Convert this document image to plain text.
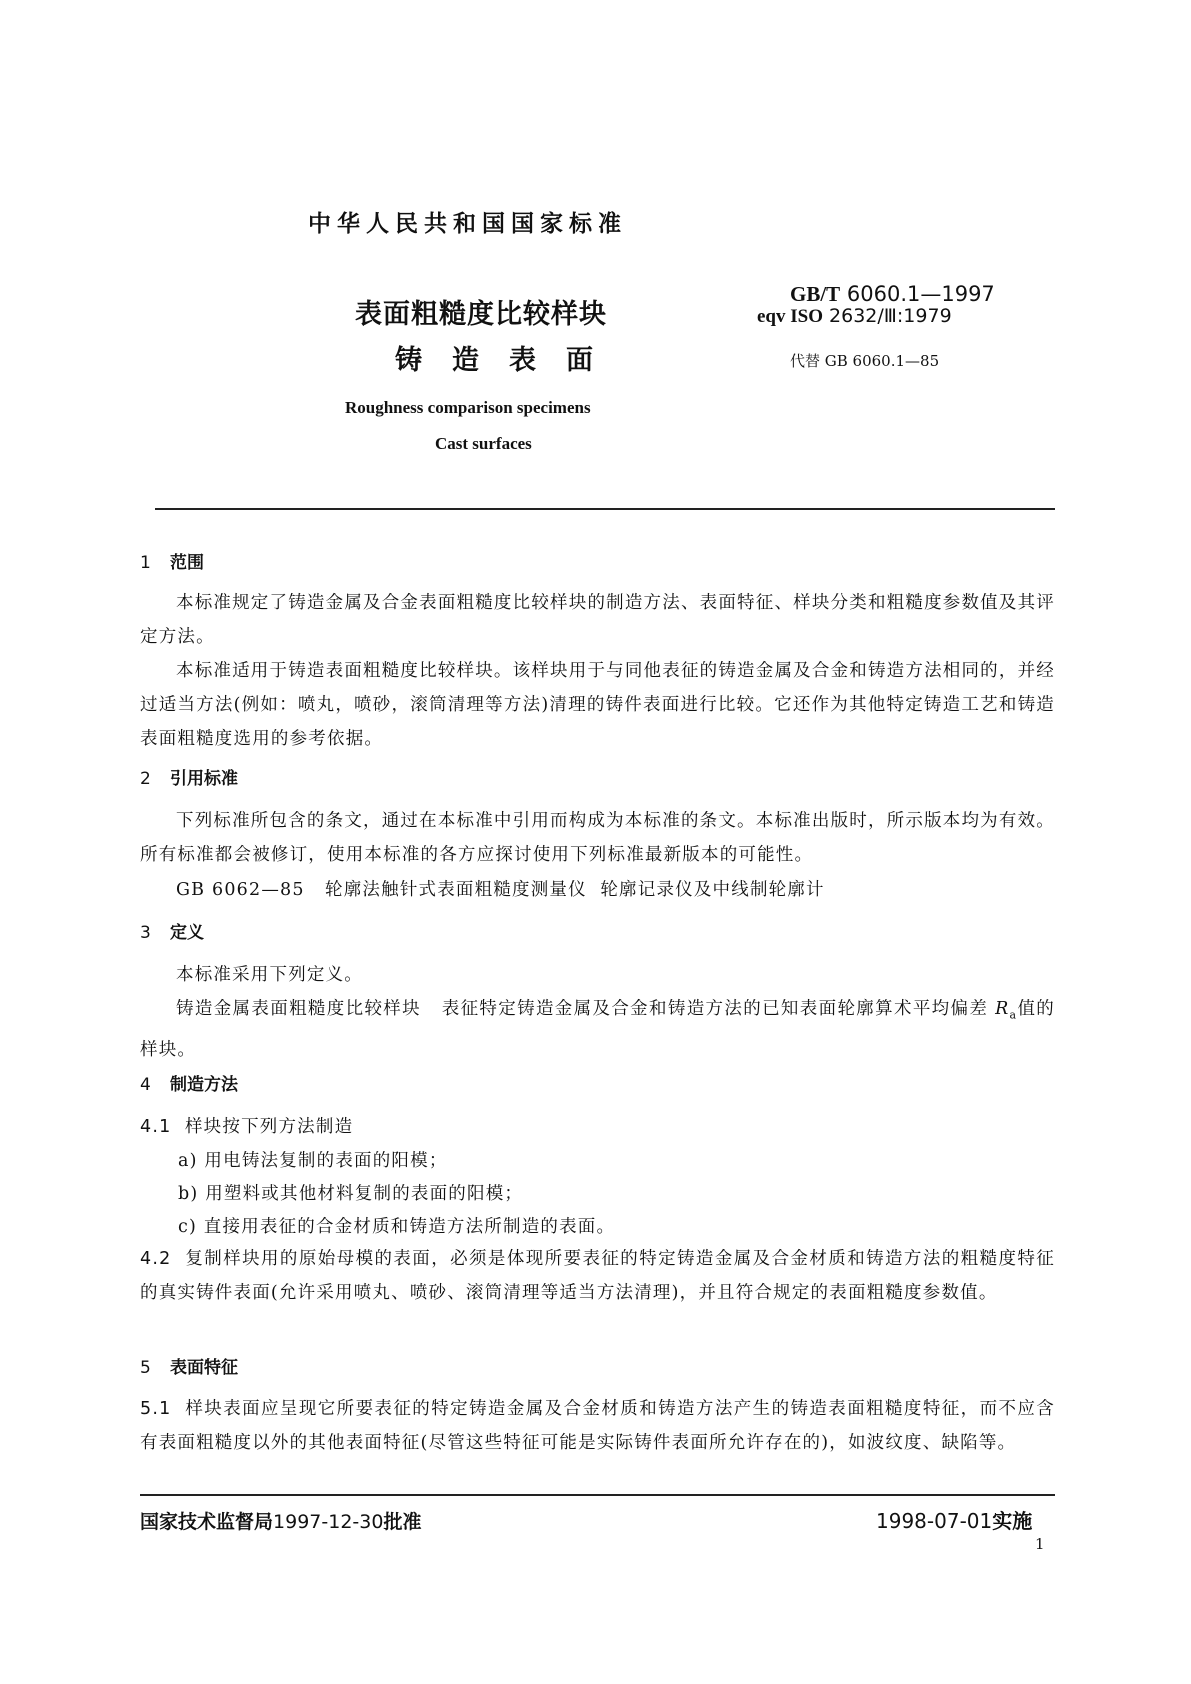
中华人民共和国国家标准
表面粗糙度比较样块
铸造表面
GB/T 6060.1—1997
eqv ISO 2632/Ⅲ:1979
代替 GB 6060.1—85
Roughness comparison specimens
Cast surfaces
1 范围
本标准规定了铸造金属及合金表面粗糙度比较样块的制造方法、表面特征、样块分类和粗糙度参数值及其评定方法。
本标准适用于铸造表面粗糙度比较样块。该样块用于与同他表征的铸造金属及合金和铸造方法相同的，并经过适当方法(例如：喷丸，喷砂，滚筒清理等方法)清理的铸件表面进行比较。它还作为其他特定铸造工艺和铸造表面粗糙度选用的参考依据。
2 引用标准
下列标准所包含的条文，通过在本标准中引用而构成为本标准的条文。本标准出版时，所示版本均为有效。所有标准都会被修订，使用本标准的各方应探讨使用下列标准最新版本的可能性。
GB 6062—85 轮廓法触针式表面粗糙度测量仪  轮廓记录仪及中线制轮廓计
3 定义
本标准采用下列定义。
铸造金属表面粗糙度比较样块 表征特定铸造金属及合金和铸造方法的已知表面轮廓算术平均偏差 $R_a$值的样块。
4 制造方法
4.1 样块按下列方法制造
a) 用电铸法复制的表面的阳模；
b) 用塑料或其他材料复制的表面的阳模；
c) 直接用表征的合金材质和铸造方法所制造的表面。
4.2 复制样块用的原始母模的表面，必须是体现所要表征的特定铸造金属及合金材质和铸造方法的粗糙度特征的真实铸件表面(允许采用喷丸、喷砂、滚筒清理等适当方法清理)，并且符合规定的表面粗糙度参数值。
5 表面特征
5.1 样块表面应呈现它所要表征的特定铸造金属及合金材质和铸造方法产生的铸造表面粗糙度特征，而不应含有表面粗糙度以外的其他表面特征(尽管这些特征可能是实际铸件表面所允许存在的)，如波纹度、缺陷等。
国家技术监督局1997-12-30批准	1998-07-01实施
1
